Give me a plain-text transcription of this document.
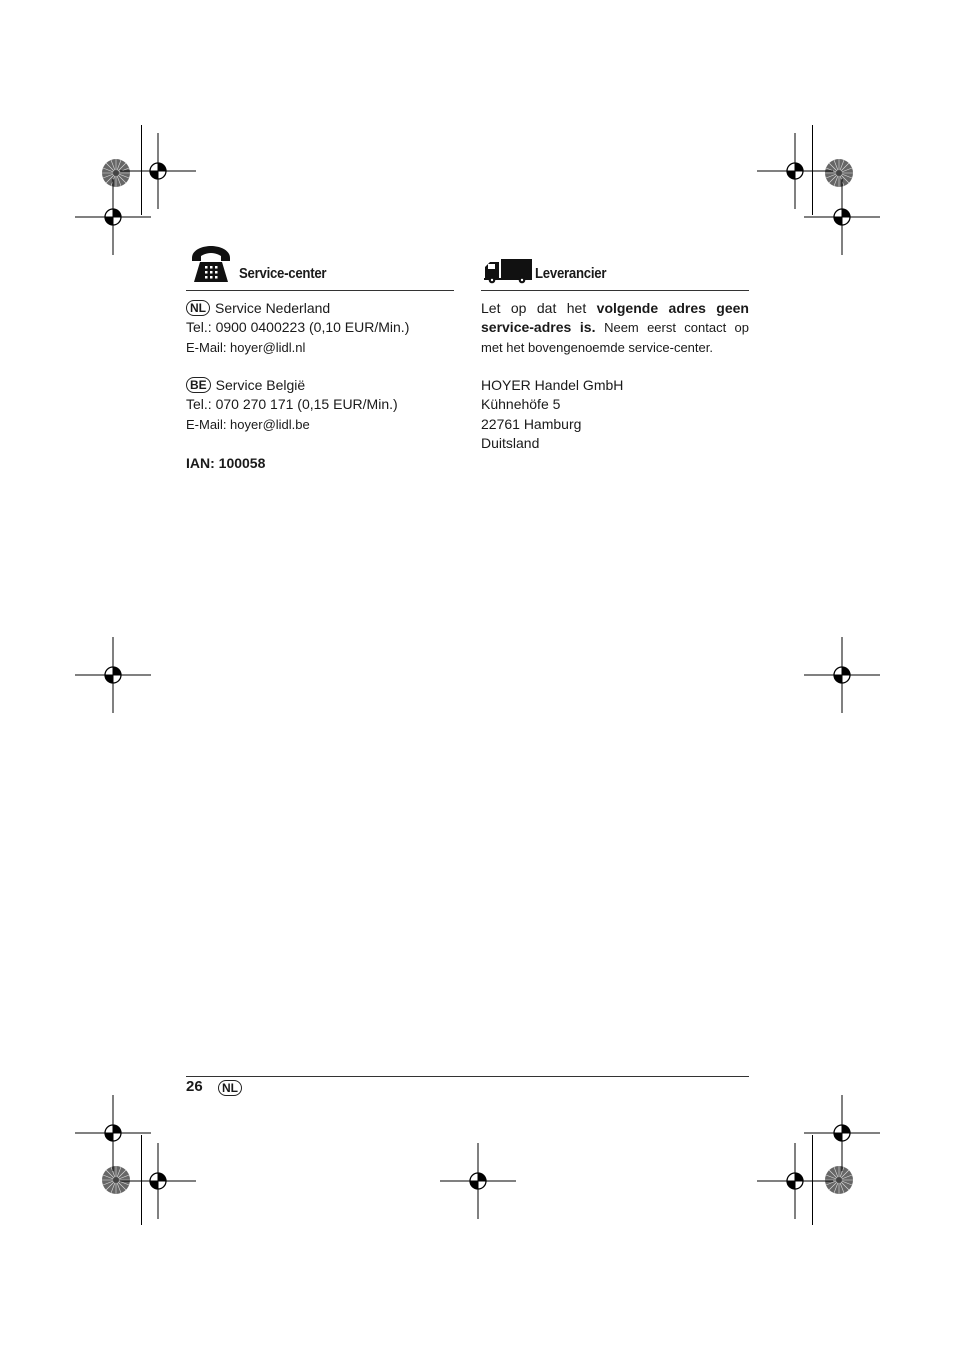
Service-center
NL Service Nederland
Tel.: 0900 0400223 (0,10 EUR/Min.)
E-Mail: hoyer@lidl.nl
BE Service België
Tel.: 070 270 171 (0,15 EUR/Min.)
E-Mail: hoyer@lidl.be
IAN: 100058
Leverancier
Let op dat het volgende adres geen
service-adres is. Neem eerst contact op
met het bovengenoemde service-center.
HOYER Handel GmbH
Kühnehöfe 5
22761 Hamburg
Duitsland
26	NL
